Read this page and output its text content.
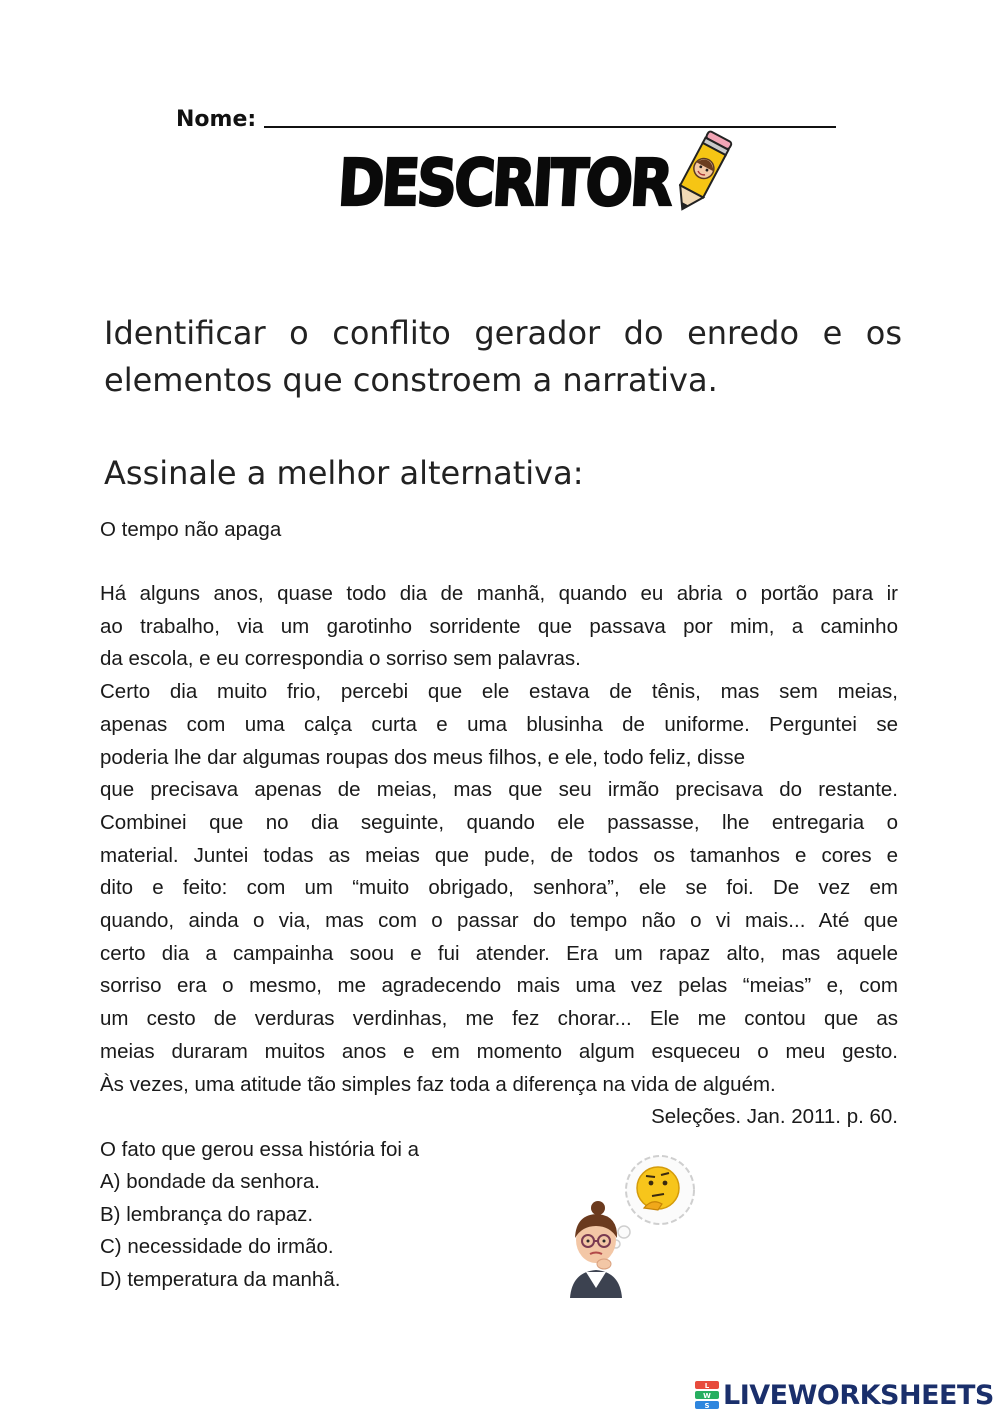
Nome:
DESCRITOR
Identificar o conflito gerador do enredo e os elementos que constroem a narrativa.
Assinale a melhor alternativa:
O tempo não apaga
Há alguns anos, quase todo dia de manhã, quando eu abria o portão para ir
ao trabalho, via um garotinho sorridente que passava por mim, a caminho
da escola, e eu correspondia o sorriso sem palavras.
Certo dia muito frio, percebi que ele estava de tênis, mas sem meias,
apenas com uma calça curta e uma blusinha de uniforme. Perguntei se
poderia lhe dar algumas roupas dos meus filhos, e ele, todo feliz, disse
que precisava apenas de meias, mas que seu irmão precisava do restante.
Combinei que no dia seguinte, quando ele passasse, lhe entregaria o
material. Juntei todas as meias que pude, de todos os tamanhos e cores e
dito e feito: com um “muito obrigado, senhora”, ele se foi. De vez em
quando, ainda o via, mas com o passar do tempo não o vi mais... Até que
certo dia a campainha soou e fui atender. Era um rapaz alto, mas aquele
sorriso era o mesmo, me agradecendo mais uma vez pelas “meias” e, com
um cesto de verduras verdinhas, me fez chorar... Ele me contou que as
meias duraram muitos anos e em momento algum esqueceu o meu gesto.
Às vezes, uma atitude tão simples faz toda a diferença na vida de alguém.
Seleções. Jan. 2011. p. 60.
O fato que gerou essa história foi a
A) bondade da senhora.
B) lembrança do rapaz.
C) necessidade do irmão.
D) temperatura da manhã.
L
W
S LIVEWORKSHEETS
